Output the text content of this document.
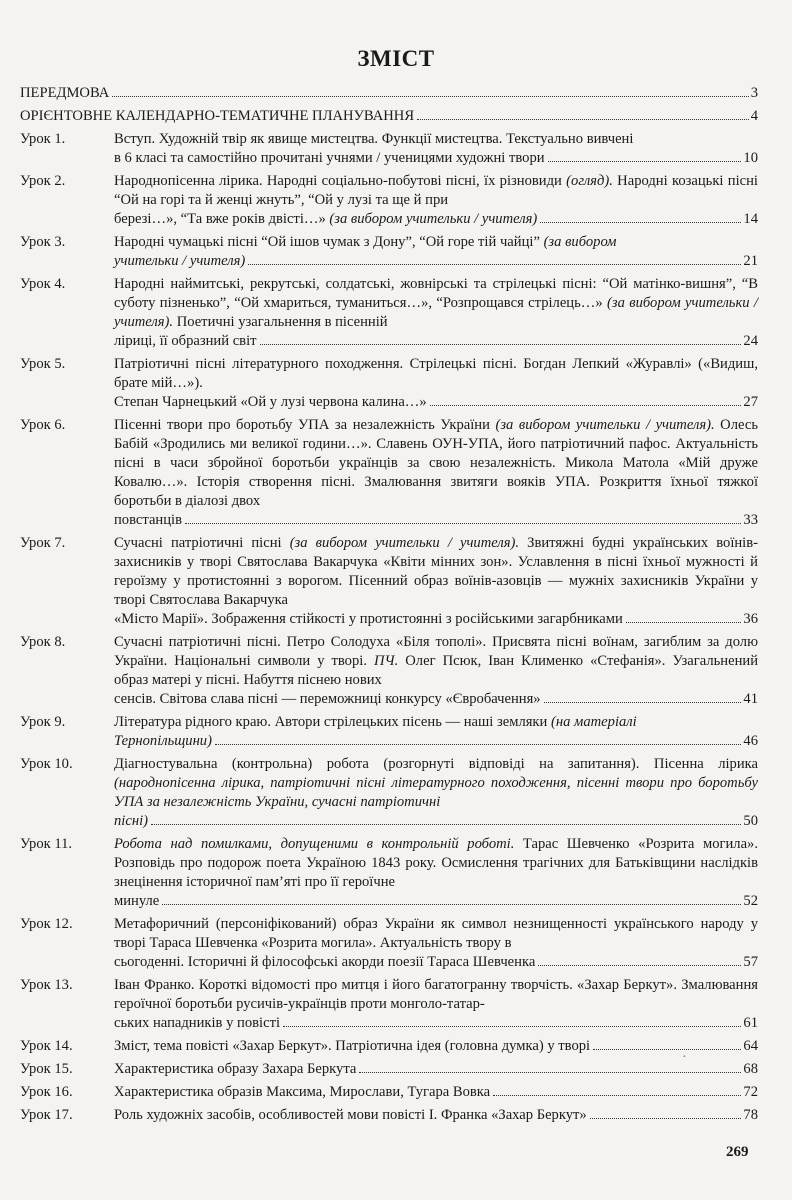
ЗМІСТ
ПЕРЕДМОВА	3
ОРІЄНТОВНЕ КАЛЕНДАРНО-ТЕМАТИЧНЕ ПЛАНУВАННЯ	4
Урок 1.	Вступ. Художній твір як явище мистецтва. Функції мистецтва. Текстуально вивчені
в 6 класі та самостійно прочитані учнями / ученицями художні твори	10
Урок 2.	Народнопісенна лірика. Народні соціально-побутові пісні, їх різновиди (огляд). Народні козацькі пісні “Ой на горі та й женці жнуть”, “Ой у лузі та ще й при
березі…», “Та вже років двісті…» (за вибором учительки / учителя)	14
Урок 3.	Народні чумацькі пісні “Ой ішов чумак з Дону”, “Ой горе тій чайці” (за вибором
учительки / учителя)	21
Урок 4.	Народні наймитські, рекрутські, солдатські, жовнірські та стрілецькі пісні: “Ой матінко-вишня”, “В суботу пізненько”, “Ой хмариться, туманиться…», “Розпрощався стрілець…» (за вибором учительки / учителя). Поетичні узагальнення в пісенній
ліриці, її образний світ	24
Урок 5.	Патріотичні пісні літературного походження. Стрілецькі пісні. Богдан Лепкий «Журавлі» («Видиш, брате мій…»).
Степан Чарнецький «Ой у лузі червона калина…»	27
Урок 6.	Пісенні твори про боротьбу УПА за незалежність України (за вибором учительки / учителя). Олесь Бабій «Зродились ми великої години…». Славень ОУН-УПА, його патріотичний пафос. Актуальність пісні в часи збройної боротьби українців за свою незалежність. Микола Матола «Мій друже Ковалю…». Історія створення пісні. Змалювання звитяги вояків УПА. Розкриття їхньої тяжкої боротьби в діалозі двох
повстанців	33
Урок 7.	Сучасні патріотичні пісні (за вибором учительки / учителя). Звитяжні будні українських воїнів-захисників у творі Святослава Вакарчука «Квіти мінних зон». Уславлення в пісні їхньої мужності й героїзму у протистоянні з ворогом. Пісенний образ воїнів-азовців — мужніх захисників України у творі Святослава Вакарчука
«Місто Марії». Зображення стійкості у протистоянні з російськими загарбниками	36
Урок 8.	Сучасні патріотичні пісні. Петро Солодуха «Біля тополі». Присвята пісні воїнам, загиблим за долю України. Національні символи у творі. ПЧ. Олег Псюк, Іван Клименко «Стефанія». Узагальнений образ матері у пісні. Набуття піснею нових
сенсів. Світова слава пісні — переможниці конкурсу «Євробачення»	41
Урок 9.	Література рідного краю. Автори стрілецьких пісень — наші земляки (на матеріалі
Тернопільщини)	46
Урок 10.	Діагностувальна (контрольна) робота (розгорнуті відповіді на запитання). Пісенна лірика (народнопісенна лірика, патріотичні пісні літературного походження, пісенні твори про боротьбу УПА за незалежність України, сучасні патріотичні
пісні)	50
Урок 11.	Робота над помилками, допущеними в контрольній роботі. Тарас Шевченко «Розрита могила». Розповідь про подорож поета Україною 1843 року. Осмислення трагічних для Батьківщини наслідків знецінення історичної пам’яті про її героїчне
минуле	52
Урок 12.	Метафоричний (персоніфікований) образ України як символ незнищенності українського народу у творі Тараса Шевченка «Розрита могила». Актуальність твору в
сьогоденні. Історичні й філософські акорди поезії Тараса Шевченка	57
Урок 13.	Іван Франко. Короткі відомості про митця і його багатогранну творчість. «Захар Беркут». Змалювання героїчної боротьби русичів-українців проти монголо-татар-
ських нападників у повісті	61
Урок 14.	Зміст, тема повісті «Захар Беркут». Патріотична ідея (головна думка) у творі	64
Урок 15.	Характеристика образу Захара Беркута	68
Урок 16.	Характеристика образів Максима, Мирослави, Тугара Вовка	72
Урок 17.	Роль художніх засобів, особливостей мови повісті І. Франка «Захар Беркут»	78
·
269
